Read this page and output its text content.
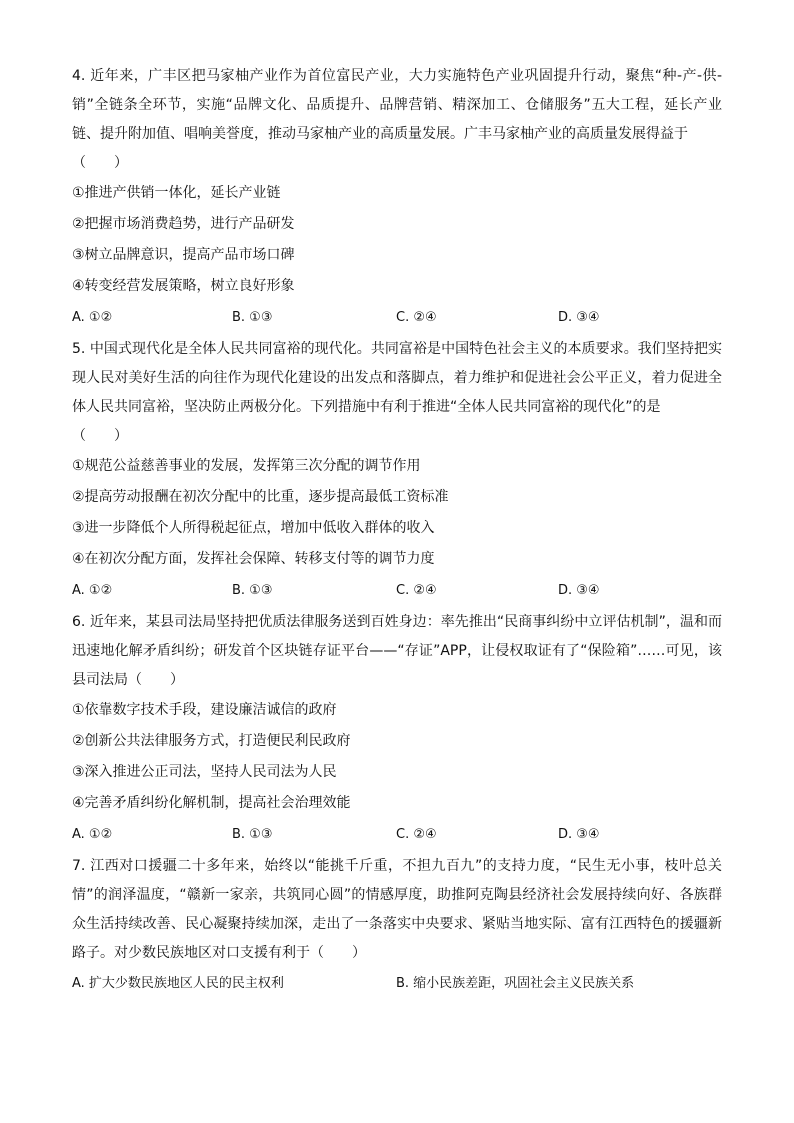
4. 近年来，广丰区把马家柚产业作为首位富民产业，大力实施特色产业巩固提升行动，聚焦“种-产-供-销”全链条全环节，实施“品牌文化、品质提升、品牌营销、精深加工、仓储服务”五大工程，延长产业链、提升附加值、唱响美誉度，推动马家柚产业的高质量发展。广丰马家柚产业的高质量发展得益于

（　　）

①推进产供销一体化，延长产业链

②把握市场消费趋势，进行产品研发

③树立品牌意识，提高产品市场口碑

④转变经营发展策略，树立良好形象

A. ①②	B. ①③	C. ②④	D. ③④

5. 中国式现代化是全体人民共同富裕的现代化。共同富裕是中国特色社会主义的本质要求。我们坚持把实现人民对美好生活的向往作为现代化建设的出发点和落脚点，着力维护和促进社会公平正义，着力促进全体人民共同富裕，坚决防止两极分化。下列措施中有利于推进“全体人民共同富裕的现代化”的是

（　　）

①规范公益慈善事业的发展，发挥第三次分配的调节作用

②提高劳动报酬在初次分配中的比重，逐步提高最低工资标准

③进一步降低个人所得税起征点，增加中低收入群体的收入

④在初次分配方面，发挥社会保障、转移支付等的调节力度

A. ①②	B. ①③	C. ②④	D. ③④

6. 近年来，某县司法局坚持把优质法律服务送到百姓身边：率先推出“民商事纠纷中立评估机制”，温和而迅速地化解矛盾纠纷；研发首个区块链存证平台——“存证”APP，让侵权取证有了“保险箱”……可见，该县司法局（　　）

①依靠数字技术手段，建设廉洁诚信的政府

②创新公共法律服务方式，打造便民利民政府

③深入推进公正司法，坚持人民司法为人民

④完善矛盾纠纷化解机制，提高社会治理效能

A. ①②	B. ①③	C. ②④	D. ③④

7. 江西对口援疆二十多年来，始终以“能挑千斤重，不担九百九”的支持力度，“民生无小事，枝叶总关情”的润泽温度，“赣新一家亲，共筑同心圆”的情感厚度，助推阿克陶县经济社会发展持续向好、各族群众生活持续改善、民心凝聚持续加深，走出了一条落实中央要求、紧贴当地实际、富有江西特色的援疆新路子。对少数民族地区对口支援有利于（　　）

A. 扩大少数民族地区人民的民主权利	B. 缩小民族差距，巩固社会主义民族关系
